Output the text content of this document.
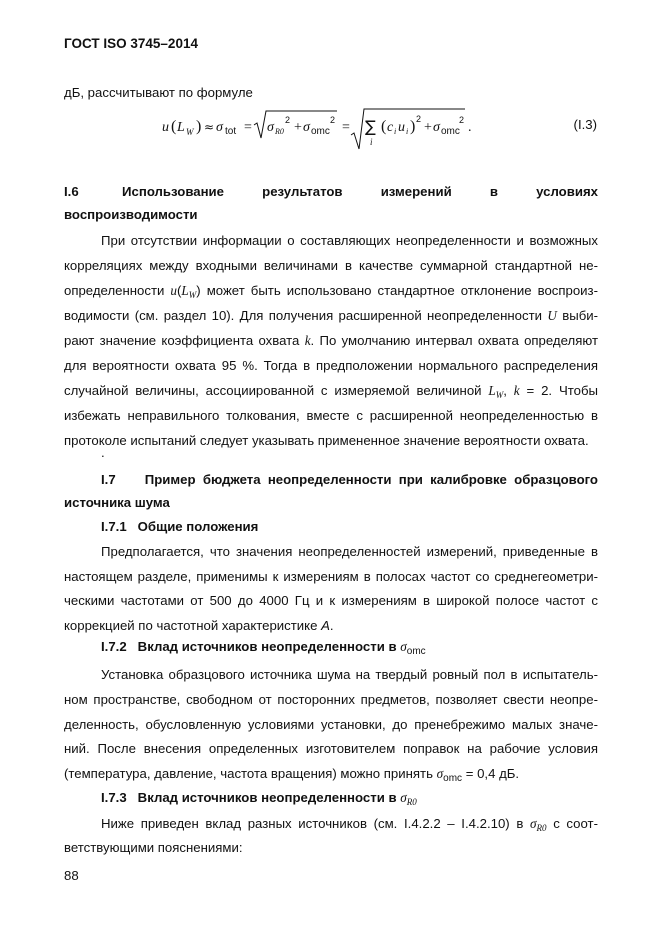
ГОСТ ISO 3745–2014
дБ, рассчитывают по формуле
u ( L W ) ≈ σ tot = σ R0
2 + σ omc
2 = ∑
i
( c i u i ) 2
+ σ omc
2 .	(I.3)
I.6	Использование	результатов	измерений	в	условиях
воспроизводимости
При отсутствии информации о составляющих неопределенности и возможных
корреляциях между входными величинами в качестве суммарной стандартной не-
определенности $u(L_W)$ может быть использовано стандартное отклонение воспроиз-
водимости (см. раздел 10). Для получения расширенной неопределенности U выби-
рают значение коэффициента охвата k. По умолчанию интервал охвата определяют
для вероятности охвата 95 %. Тогда в предположении нормального распределения
случайной величины, ассоциированной с измеряемой величиной $L_W$, k = 2. Чтобы
избежать неправильного толкования, вместе с расширенной неопределенностью в
протоколе испытаний следует указывать примененное значение вероятности охвата.
.
I.7 Пример бюджета неопределенности при калибровке образцового
источника шума
I.7.1 Общие положения
Предполагается, что значения неопределенностей измерений, приведенные в
настоящем разделе, применимы к измерениям в полосах частот со среднегеометри-
ческими частотами от 500 до 4000 Гц и к измерениям в широкой полосе частот с
коррекцией по частотной характеристике A.
I.7.2 Вклад источников неопределенности в $\sigma_{omc}$
Установка образцового источника шума на твердый ровный пол в испытатель-
ном пространстве, свободном от посторонних предметов, позволяет свести неопре-
деленность, обусловленную условиями установки, до пренебрежимо малых значе-
ний. После внесения определенных изготовителем поправок на рабочие условия
(температура, давление, частота вращения) можно принять $\sigma_{omc} = 0,4$ дБ.
I.7.3 Вклад источников неопределенности в $\sigma_{R0}$
Ниже приведен вклад разных источников (см. I.4.2.2 – I.4.2.10) в $\sigma_{R0}$ с соот-
ветствующими пояснениями:
88
